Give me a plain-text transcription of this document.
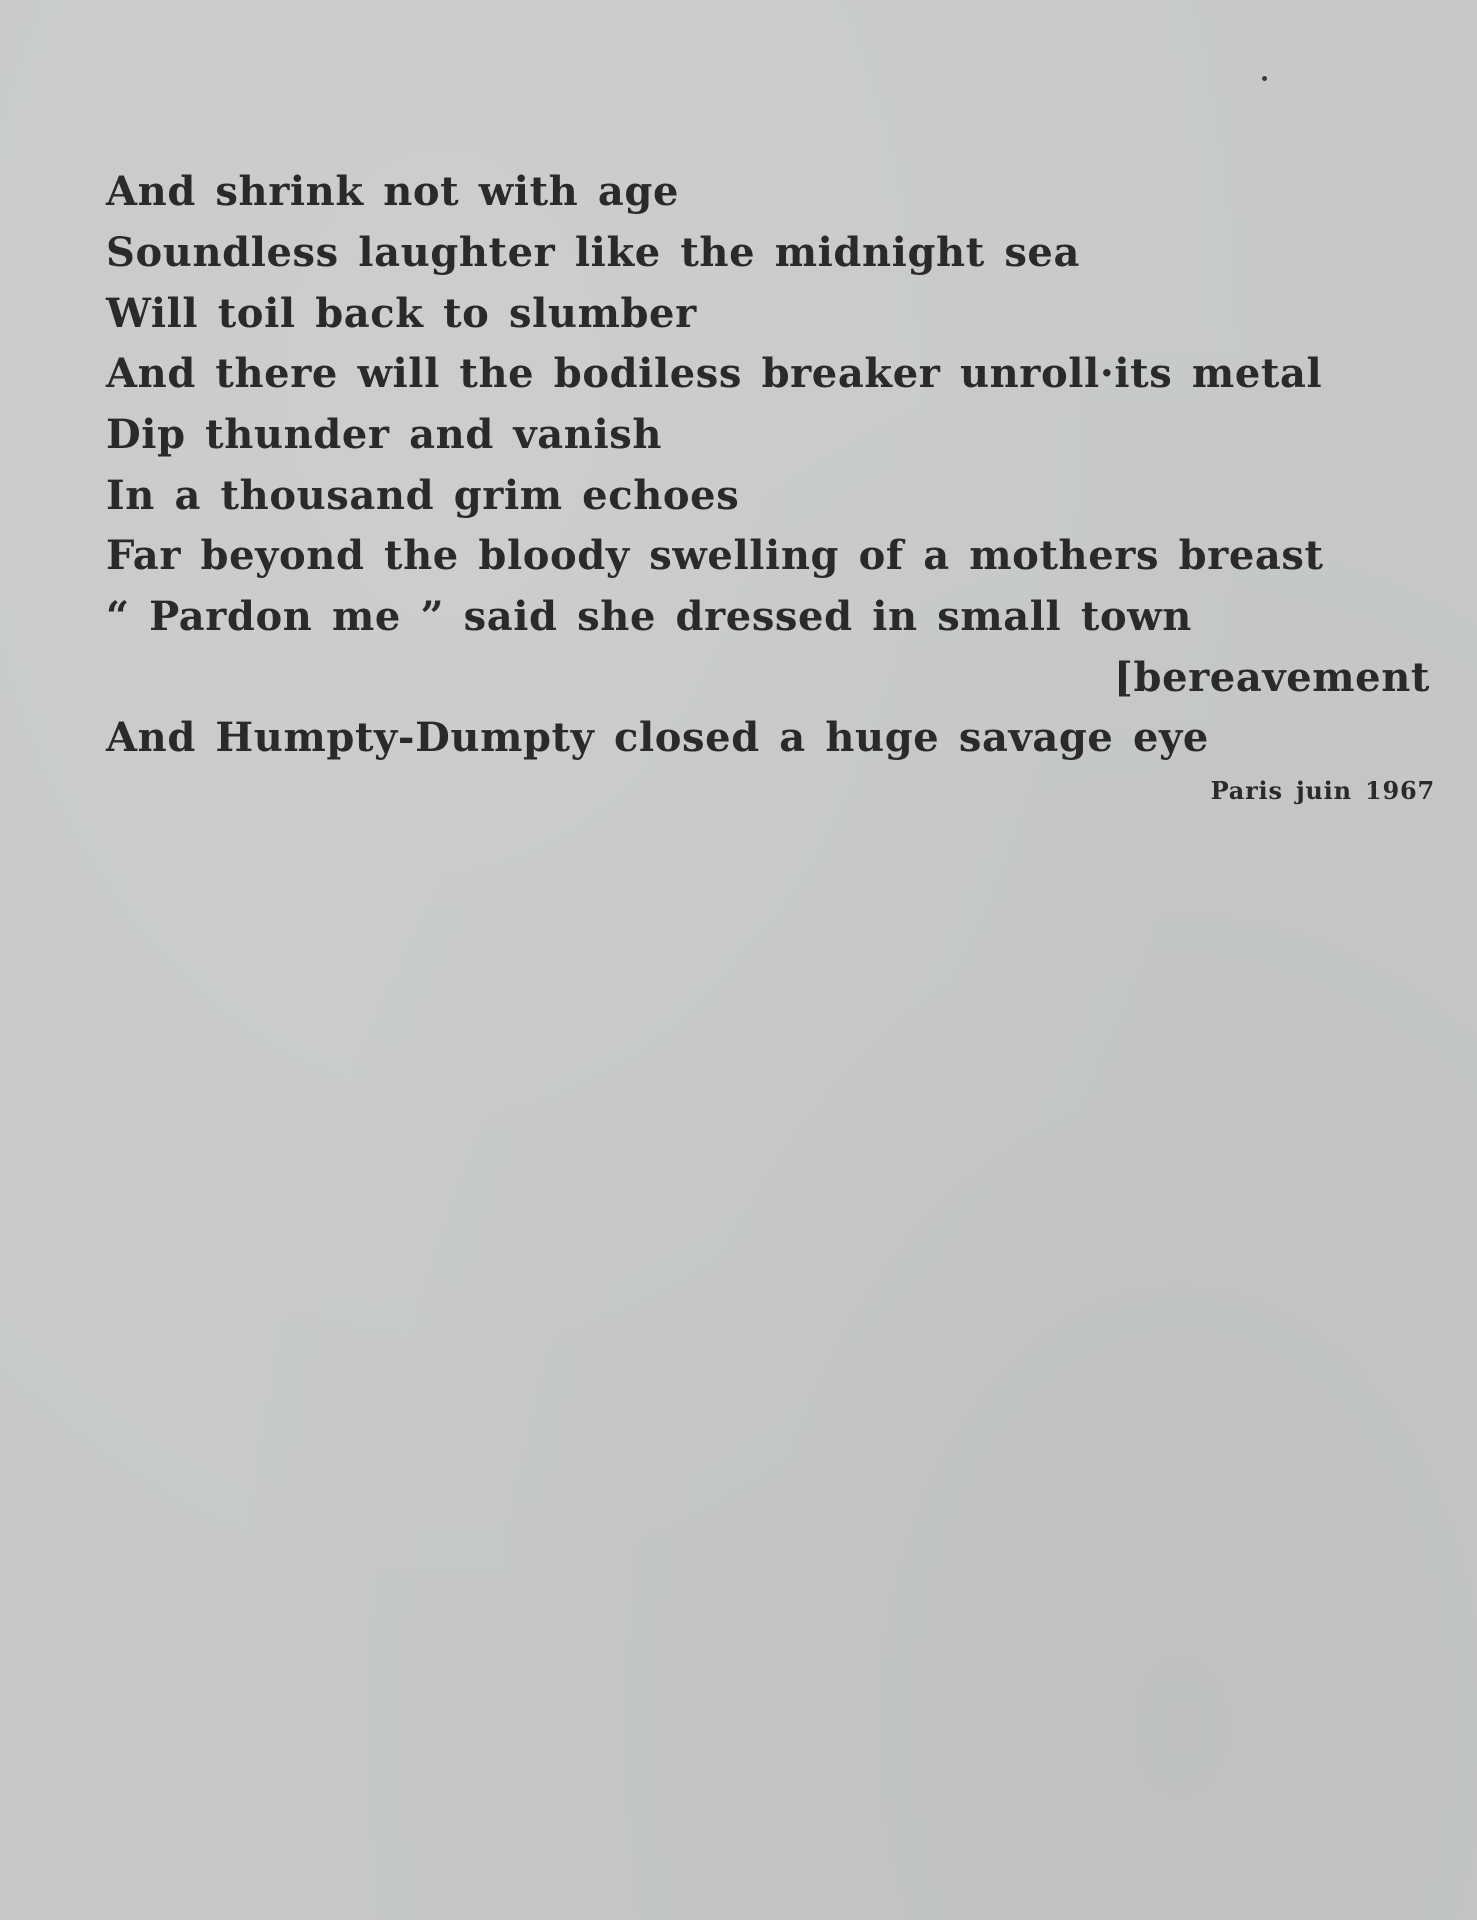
And shrink not with age
Soundless laughter like the midnight sea
Will toil back to slumber
And there will the bodiless breaker unroll·its metal
Dip thunder and vanish
In a thousand grim echoes
Far beyond the bloody swelling of a mothers breast
“ Pardon me ” said she dressed in small town
[bereavement
And Humpty-Dumpty closed a huge savage eye
Paris juin 1967
